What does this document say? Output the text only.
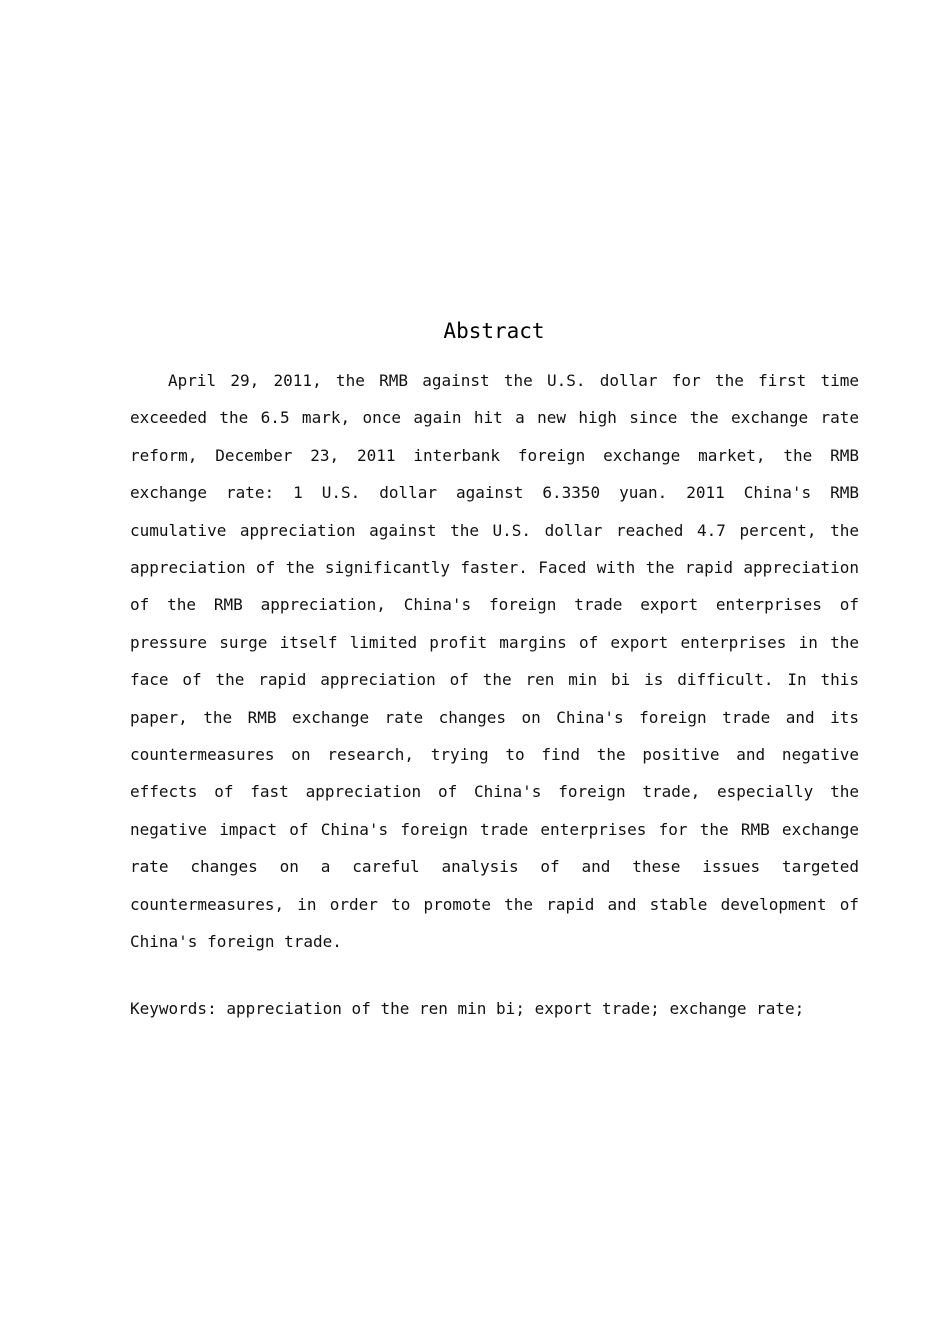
Abstract

April 29, 2011, the RMB against the U.S. dollar for the first time exceeded the 6.5 mark, once again hit a new high since the exchange rate reform, December 23, 2011 interbank foreign exchange market, the RMB exchange rate: 1 U.S. dollar against 6.3350 yuan. 2011 China's RMB cumulative appreciation against the U.S. dollar reached 4.7 percent, the appreciation of the significantly faster. Faced with the rapid appreciation of the RMB appreciation, China's foreign trade export enterprises of pressure surge itself limited profit margins of export enterprises in the face of the rapid appreciation of the ren min bi is difficult. In this paper, the RMB exchange rate changes on China's foreign trade and its countermeasures on research, trying to find the positive and negative effects of fast appreciation of China's foreign trade, especially the negative impact of China's foreign trade enterprises for the RMB exchange rate changes on a careful analysis of and these issues targeted countermeasures, in order to promote the rapid and stable development of China's foreign trade.

Keywords: appreciation of the ren min bi; export trade; exchange rate;
